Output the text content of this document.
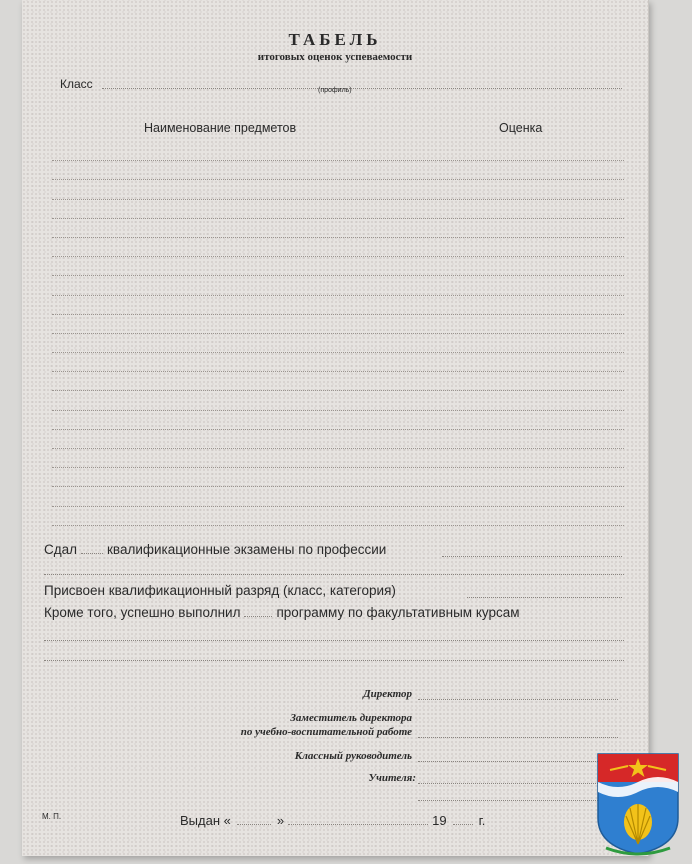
ТАБЕЛЬ
итоговых оценок успеваемости
Класс	(профиль)
Наименование предметов	Оценка
Сдал квалификационные экзамены по профессии
Присвоен квалификационный разряд (класс, категория)
Кроме того, успешно выполнил	программу по факультативным курсам
Директор
Заместитель директора
по учебно-воспитательной работе
Классный руководитель
Учителя:
М. П.	Выдан «	»	19 г.
